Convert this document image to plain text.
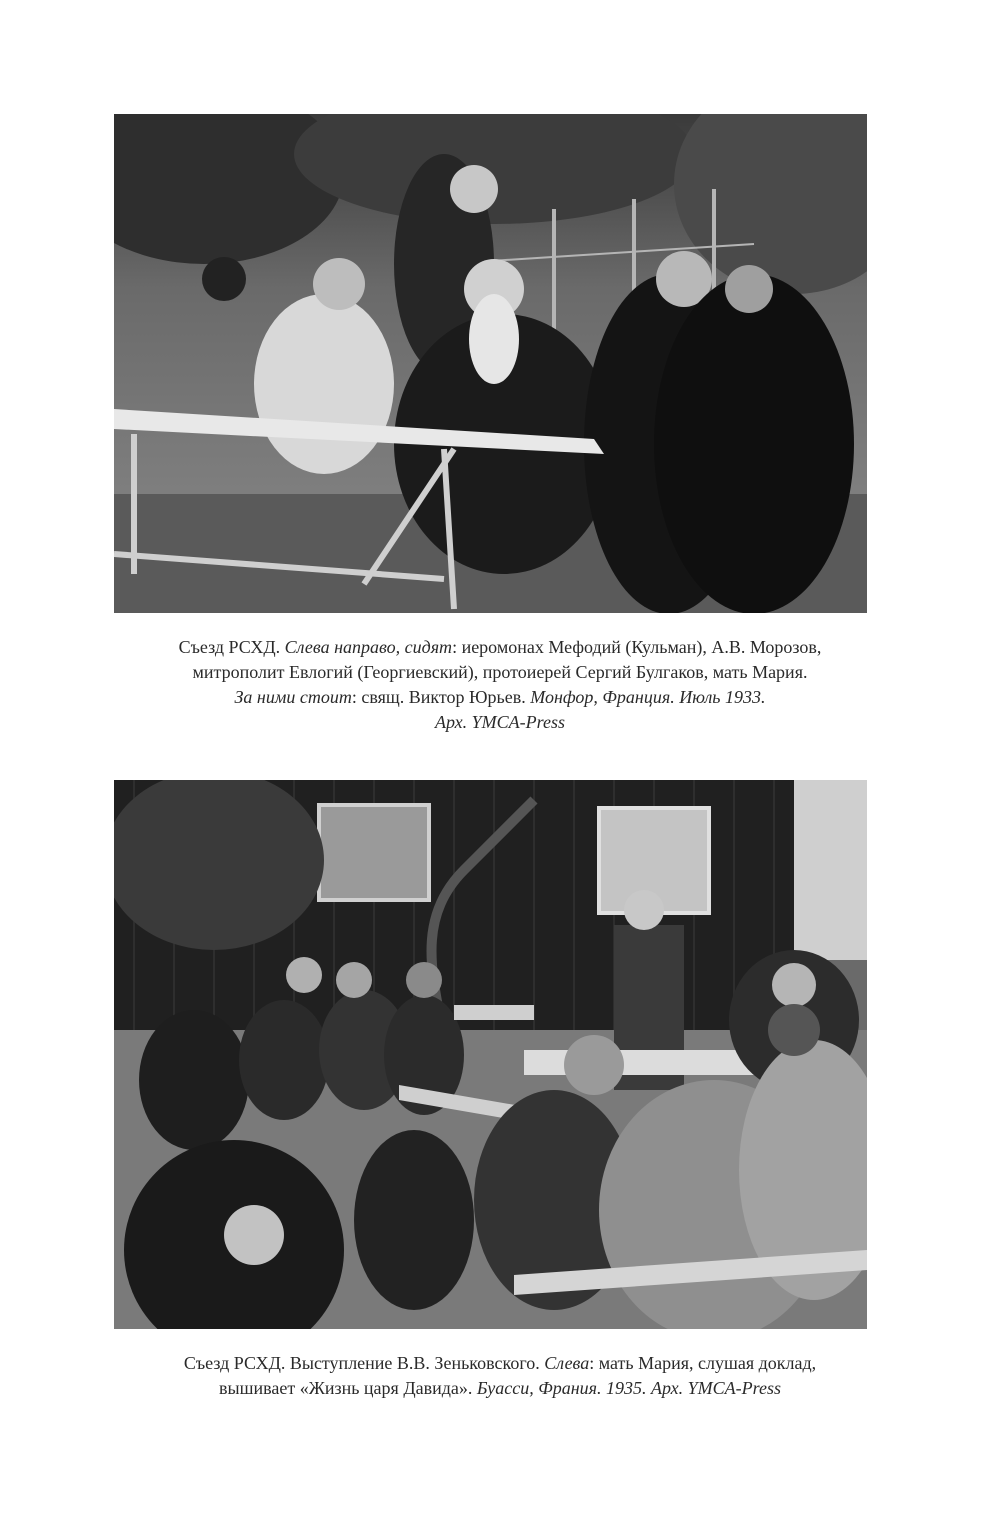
Съезд РСХД. Слева направо, сидят: иеромонах Мефодий (Кульман), А.В. Морозов,
митрополит Евлогий (Георгиевский), протоиерей Сергий Булгаков, мать Мария.
За ними стоит: свящ. Виктор Юрьев. Монфор, Франция. Июль 1933.
Арх. YMCA-Press
Съезд РСХД. Выступление В.В. Зеньковского. Слева: мать Мария, слушая доклад,
вышивает «Жизнь царя Давида». Буасси, Франия. 1935. Арх. YMCA-Press
